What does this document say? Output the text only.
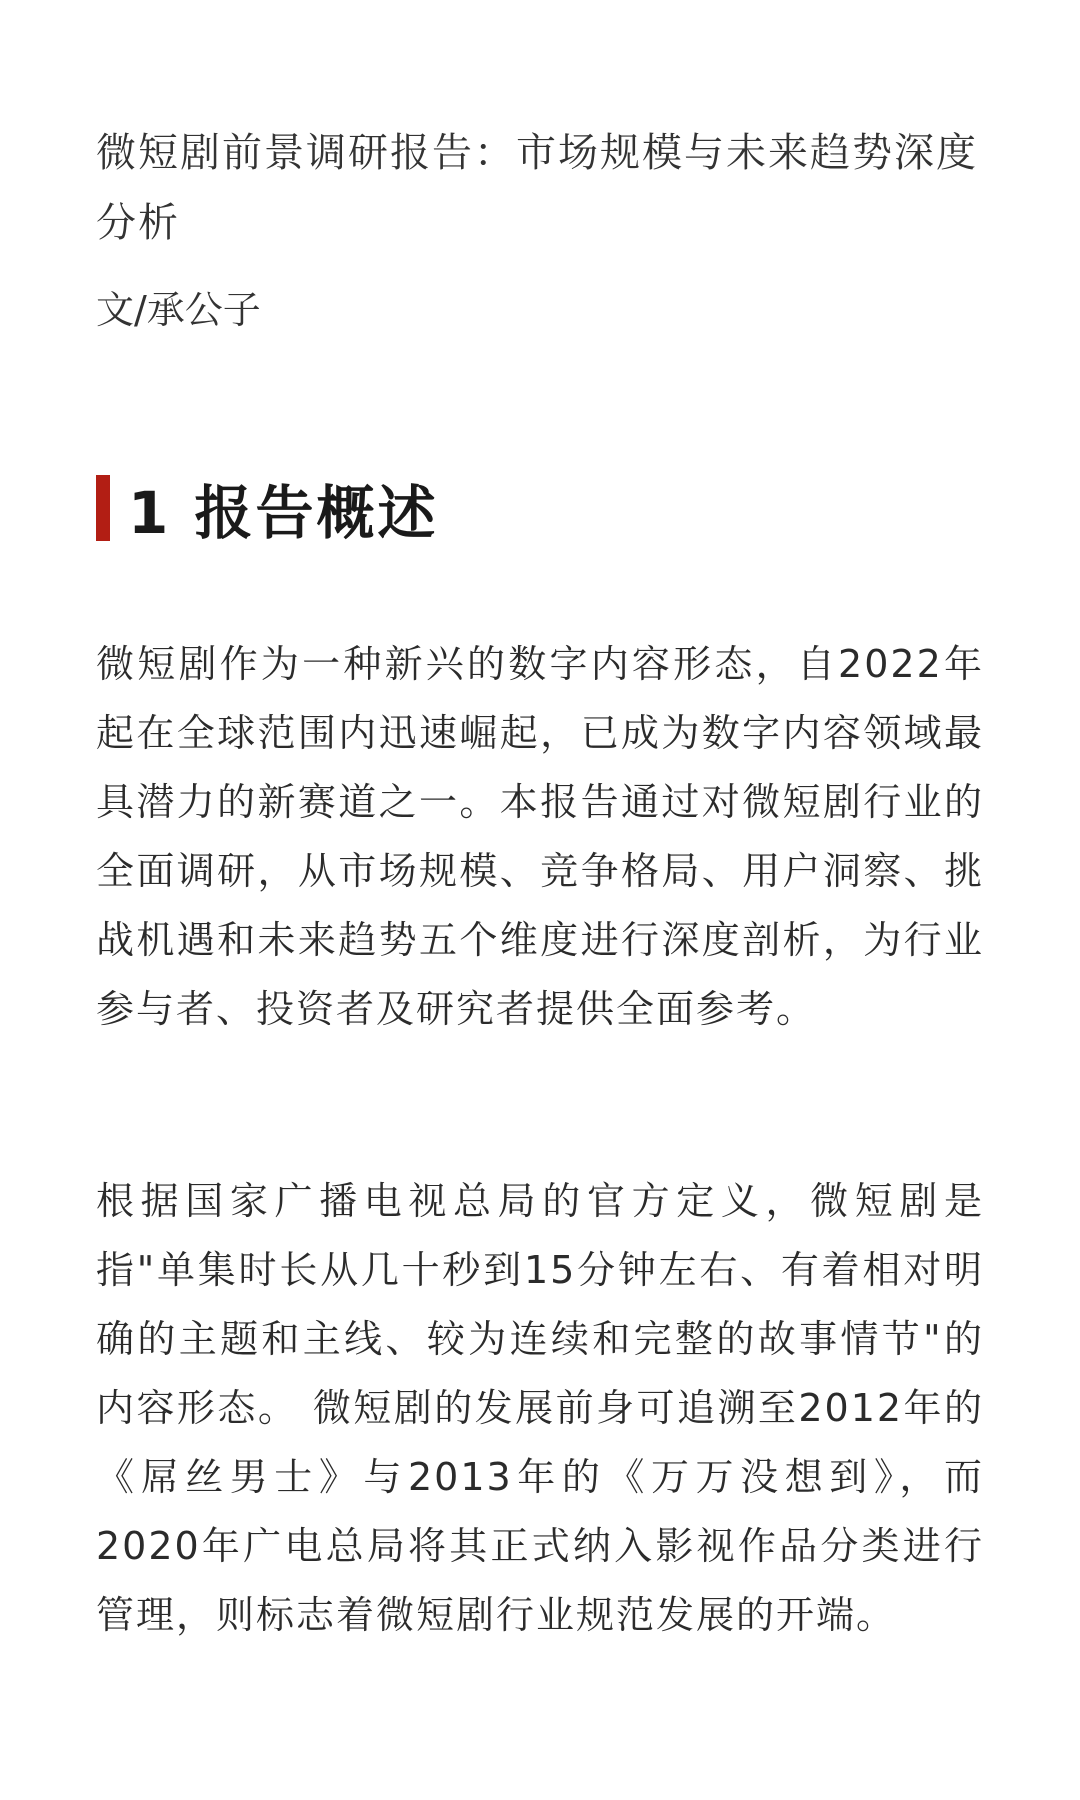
微短剧前景调研报告：市场规模与未来趋势深度分析
文/承公子
1 报告概述

微短剧作为一种新兴的数字内容形态，自2022年起在全球范围内迅速崛起，已成为数字内容领域最具潜力的新赛道之一。本报告通过对微短剧行业的全面调研，从市场规模、竞争格局、用户洞察、挑战机遇和未来趋势五个维度进行深度剖析，为行业参与者、投资者及研究者提供全面参考。

根据国家广播电视总局的官方定义，微短剧是指"单集时长从几十秒到15分钟左右、有着相对明确的主题和主线、较为连续和完整的故事情节"的内容形态。 微短剧的发展前身可追溯至2012年的《屌丝男士》与2013年的《万万没想到》，而2020年广电总局将其正式纳入影视作品分类进行管理，则标志着微短剧行业规范发展的开端。
